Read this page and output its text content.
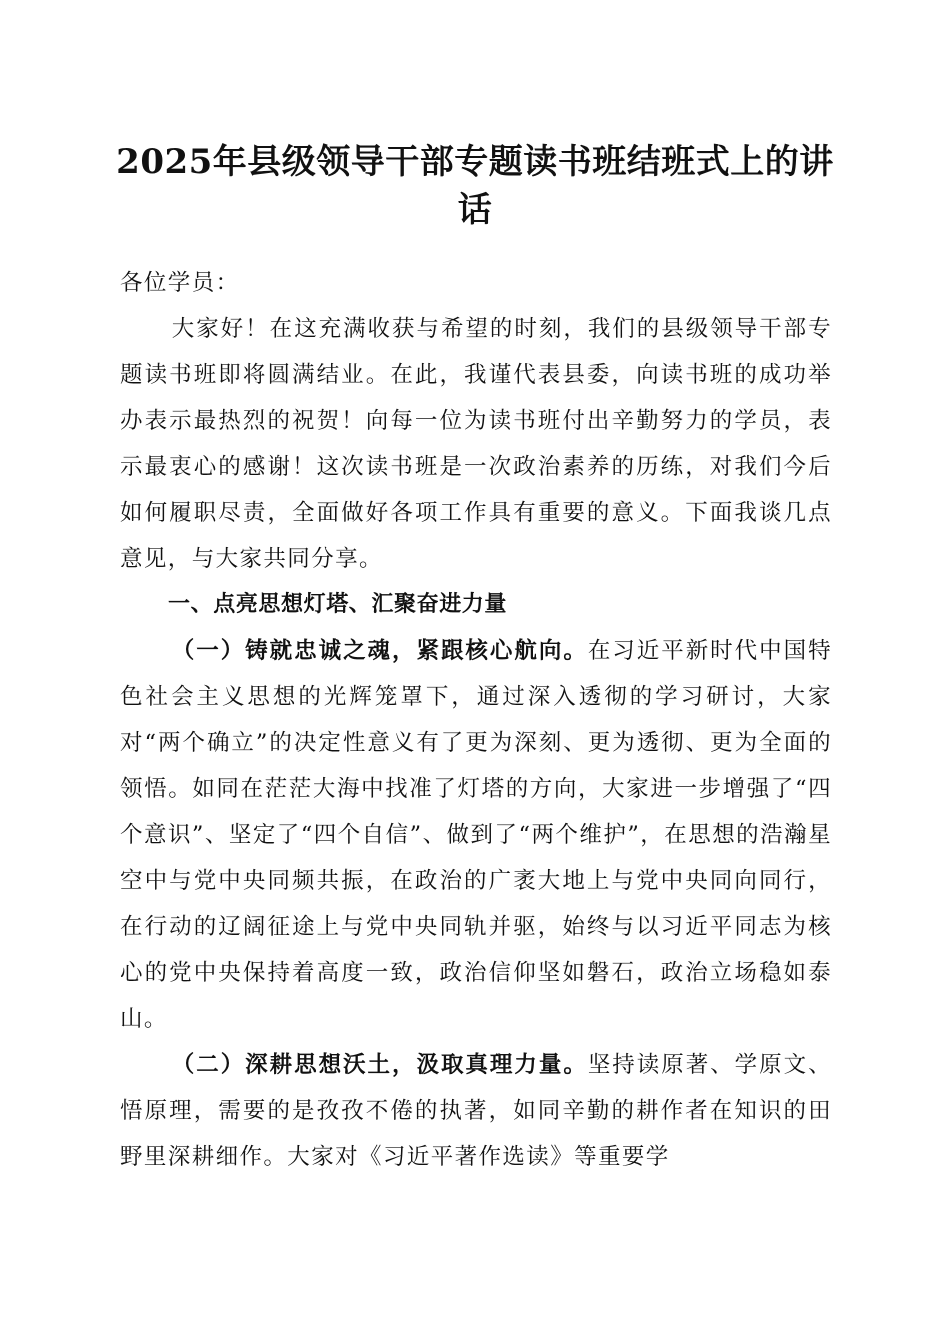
2025年县级领导干部专题读书班结班式上的讲话

各位学员：

大家好！在这充满收获与希望的时刻，我们的县级领导干部专题读书班即将圆满结业。在此，我谨代表县委，向读书班的成功举办表示最热烈的祝贺！向每一位为读书班付出辛勤努力的学员，表示最衷心的感谢！这次读书班是一次政治素养的历练，对我们今后如何履职尽责，全面做好各项工作具有重要的意义。下面我谈几点意见，与大家共同分享。

一、点亮思想灯塔、汇聚奋进力量

（一）铸就忠诚之魂，紧跟核心航向。在习近平新时代中国特色社会主义思想的光辉笼罩下，通过深入透彻的学习研讨，大家对“两个确立”的决定性意义有了更为深刻、更为透彻、更为全面的领悟。如同在茫茫大海中找准了灯塔的方向，大家进一步增强了“四个意识”、坚定了“四个自信”、做到了“两个维护”，在思想的浩瀚星空中与党中央同频共振，在政治的广袤大地上与党中央同向同行，在行动的辽阔征途上与党中央同轨并驱，始终与以习近平同志为核心的党中央保持着高度一致，政治信仰坚如磐石，政治立场稳如泰山。

（二）深耕思想沃土，汲取真理力量。坚持读原著、学原文、悟原理，需要的是孜孜不倦的执著，如同辛勤的耕作者在知识的田野里深耕细作。大家对《习近平著作选读》等重要学
